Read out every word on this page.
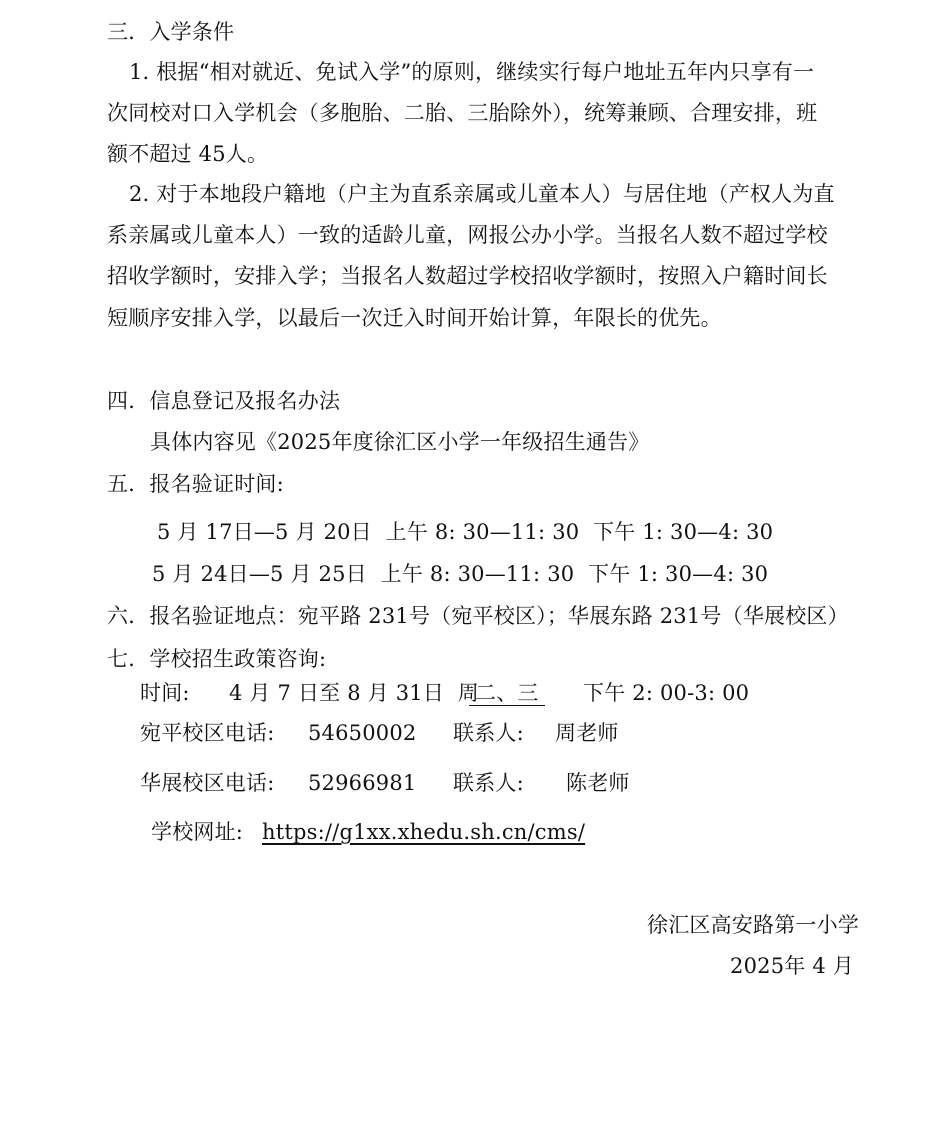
三．入学条件
1. 根据“相对就近、免试入学”的原则，继续实行每户地址五年内只享有一
次同校对口入学机会（多胞胎、二胎、三胎除外），统筹兼顾、合理安排，班
额不超过 45人。
2. 对于本地段户籍地（户主为直系亲属或儿童本人）与居住地（产权人为直
系亲属或儿童本人）一致的适龄儿童，网报公办小学。当报名人数不超过学校
招收学额时，安排入学；当报名人数超过学校招收学额时，按照入户籍时间长
短顺序安排入学，以最后一次迁入时间开始计算，年限长的优先。
四．信息登记及报名办法
具体内容见《2025年度徐汇区小学一年级招生通告》
五．报名验证时间:
5 月 17日—5 月 20日  上午 8: 30—11: 30  下午 1: 30—4: 30
5 月 24日—5 月 25日  上午 8: 30—11: 30  下午 1: 30—4: 30
六．报名验证地点：宛平路 231号（宛平校区）；华展东路 231号（华展校区）
七．学校招生政策咨询:
时间: 4 月 7 日至 8 月 31日  周
二、三 下午 2: 00-3: 00
宛平校区电话: 54650002 联系人: 周老师
华展校区电话: 52966981 联系人: 陈老师
学校网址: https://g1xx.xhedu.sh.cn/cms/
徐汇区高安路第一小学
2025年 4 月
